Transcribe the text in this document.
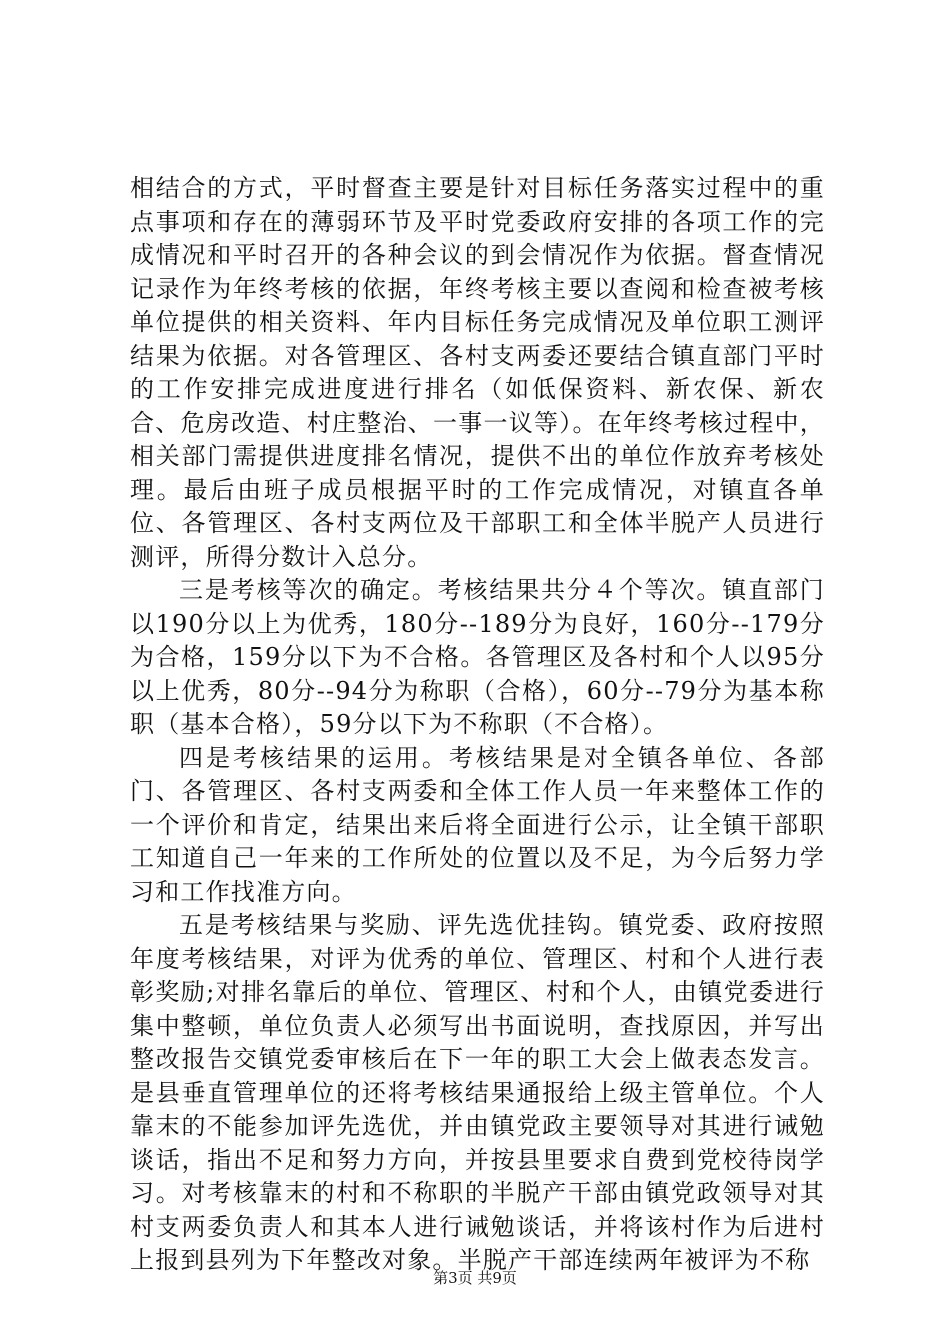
相结合的方式，平时督查主要是针对目标任务落实过程中的重点事项和存在的薄弱环节及平时党委政府安排的各项工作的完成情况和平时召开的各种会议的到会情况作为依据。督查情况记录作为年终考核的依据，年终考核主要以查阅和检查被考核单位提供的相关资料、年内目标任务完成情况及单位职工测评结果为依据。对各管理区、各村支两委还要结合镇直部门平时的工作安排完成进度进行排名（如低保资料、新农保、新农合、危房改造、村庄整治、一事一议等）。在年终考核过程中，相关部门需提供进度排名情况，提供不出的单位作放弃考核处理。最后由班子成员根据平时的工作完成情况，对镇直各单位、各管理区、各村支两位及干部职工和全体半脱产人员进行测评，所得分数计入总分。

三是考核等次的确定。考核结果共分４个等次。镇直部门以190分以上为优秀，180分--189分为良好，160分--179分为合格，159分以下为不合格。各管理区及各村和个人以95分以上优秀，80分--94分为称职（合格），60分--79分为基本称职（基本合格），59分以下为不称职（不合格）。

四是考核结果的运用。考核结果是对全镇各单位、各部门、各管理区、各村支两委和全体工作人员一年来整体工作的一个评价和肯定，结果出来后将全面进行公示，让全镇干部职工知道自己一年来的工作所处的位置以及不足，为今后努力学习和工作找准方向。

五是考核结果与奖励、评先选优挂钩。镇党委、政府按照年度考核结果，对评为优秀的单位、管理区、村和个人进行表彰奖励;对排名靠后的单位、管理区、村和个人，由镇党委进行集中整顿，单位负责人必须写出书面说明，查找原因，并写出整改报告交镇党委审核后在下一年的职工大会上做表态发言。是县垂直管理单位的还将考核结果通报给上级主管单位。个人靠末的不能参加评先选优，并由镇党政主要领导对其进行诫勉谈话，指出不足和努力方向，并按县里要求自费到党校待岗学习。对考核靠末的村和不称职的半脱产干部由镇党政领导对其村支两委负责人和其本人进行诫勉谈话，并将该村作为后进村上报到县列为下年整改对象。半脱产干部连续两年被评为不称

第3页 共9页
